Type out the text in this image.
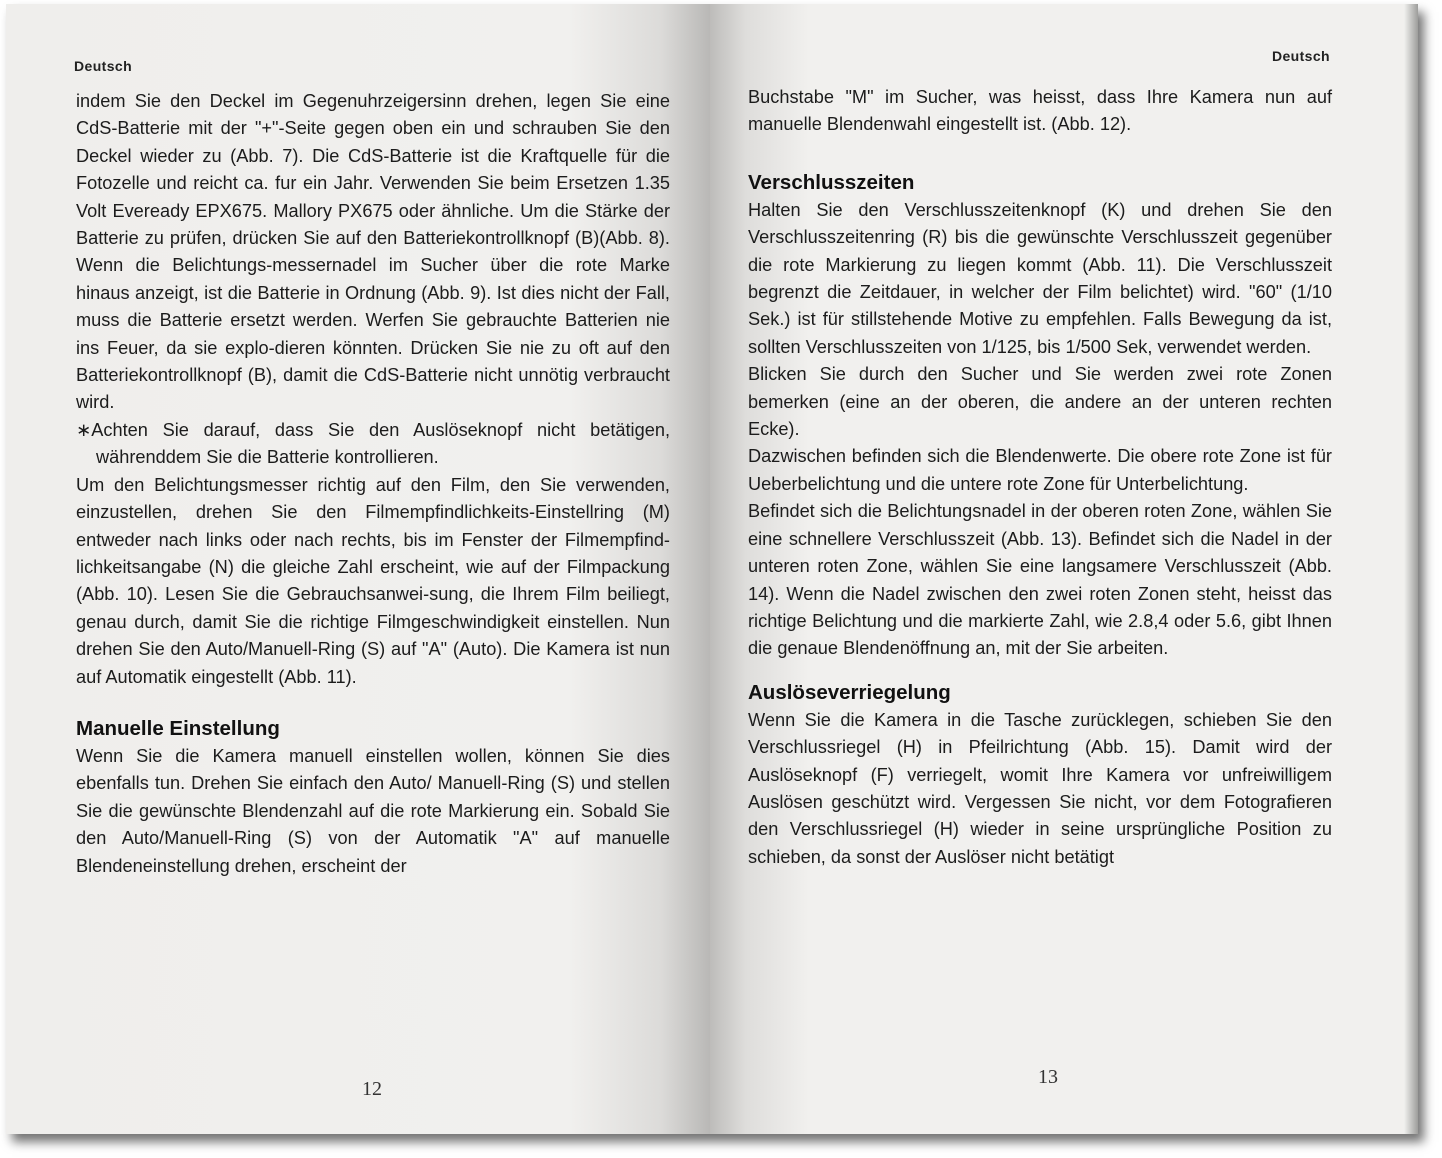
Deutsch

indem Sie den Deckel im Gegenuhrzeigersinn drehen, legen Sie eine CdS-Batterie mit der "+"-Seite gegen oben ein und schrauben Sie den Deckel wieder zu (Abb. 7). Die CdS-Batterie ist die Kraftquelle für die Fotozelle und reicht ca. fur ein Jahr. Verwenden Sie beim Ersetzen 1.35 Volt Eveready EPX675. Mallory PX675 oder ähnliche. Um die Stärke der Batterie zu prüfen, drücken Sie auf den Batteriekontrollknopf (B)(Abb. 8). Wenn die Belichtungs-messernadel im Sucher über die rote Marke hinaus anzeigt, ist die Batterie in Ordnung (Abb. 9). Ist dies nicht der Fall, muss die Batterie ersetzt werden. Werfen Sie gebrauchte Batterien nie ins Feuer, da sie explo-dieren könnten. Drücken Sie nie zu oft auf den Batteriekontrollknopf (B), damit die CdS-Batterie nicht unnötig verbraucht wird.

∗Achten Sie darauf, dass Sie den Auslöseknopf nicht betätigen, währenddem Sie die Batterie kontrollieren.

Um den Belichtungsmesser richtig auf den Film, den Sie verwenden, einzustellen, drehen Sie den Filmempfindlichkeits-Einstellring (M) entweder nach links oder nach rechts, bis im Fenster der Filmempfind-lichkeitsangabe (N) die gleiche Zahl erscheint, wie auf der Filmpackung (Abb. 10). Lesen Sie die Gebrauchsanwei-sung, die Ihrem Film beiliegt, genau durch, damit Sie die richtige Filmgeschwindigkeit einstellen. Nun drehen Sie den Auto/Manuell-Ring (S) auf "A" (Auto). Die Kamera ist nun auf Automatik eingestellt (Abb. 11).

Manuelle Einstellung

Wenn Sie die Kamera manuell einstellen wollen, können Sie dies ebenfalls tun. Drehen Sie einfach den Auto/ Manuell-Ring (S) und stellen Sie die gewünschte Blendenzahl auf die rote Markierung ein. Sobald Sie den Auto/Manuell-Ring (S) von der Automatik "A" auf manuelle Blendeneinstellung drehen, erscheint der

12
Deutsch

Buchstabe "M" im Sucher, was heisst, dass Ihre Kamera nun auf manuelle Blendenwahl eingestellt ist. (Abb. 12).

Verschlusszeiten

Halten Sie den Verschlusszeitenknopf (K) und drehen Sie den Verschlusszeitenring (R) bis die gewünschte Verschlusszeit gegenüber die rote Markierung zu liegen kommt (Abb. 11). Die Verschlusszeit begrenzt die Zeitdauer, in welcher der Film belichtet) wird. "60" (1/10 Sek.) ist für stillstehende Motive zu empfehlen. Falls Bewegung da ist, sollten Verschlusszeiten von 1/125, bis 1/500 Sek, verwendet werden.

Blicken Sie durch den Sucher und Sie werden zwei rote Zonen bemerken (eine an der oberen, die andere an der unteren rechten Ecke).

Dazwischen befinden sich die Blendenwerte. Die obere rote Zone ist für Ueberbelichtung und die untere rote Zone für Unterbelichtung.

Befindet sich die Belichtungsnadel in der oberen roten Zone, wählen Sie eine schnellere Verschlusszeit (Abb. 13). Befindet sich die Nadel in der unteren roten Zone, wählen Sie eine langsamere Verschlusszeit (Abb. 14). Wenn die Nadel zwischen den zwei roten Zonen steht, heisst das richtige Belichtung und die markierte Zahl, wie 2.8,4 oder 5.6, gibt Ihnen die genaue Blendenöffnung an, mit der Sie arbeiten.

Auslöseverriegelung

Wenn Sie die Kamera in die Tasche zurücklegen, schieben Sie den Verschlussriegel (H) in Pfeilrichtung (Abb. 15). Damit wird der Auslöseknopf (F) verriegelt, womit Ihre Kamera vor unfreiwilligem Auslösen geschützt wird. Vergessen Sie nicht, vor dem Fotografieren den Verschlussriegel (H) wieder in seine ursprüngliche Position zu schieben, da sonst der Auslöser nicht betätigt

13
